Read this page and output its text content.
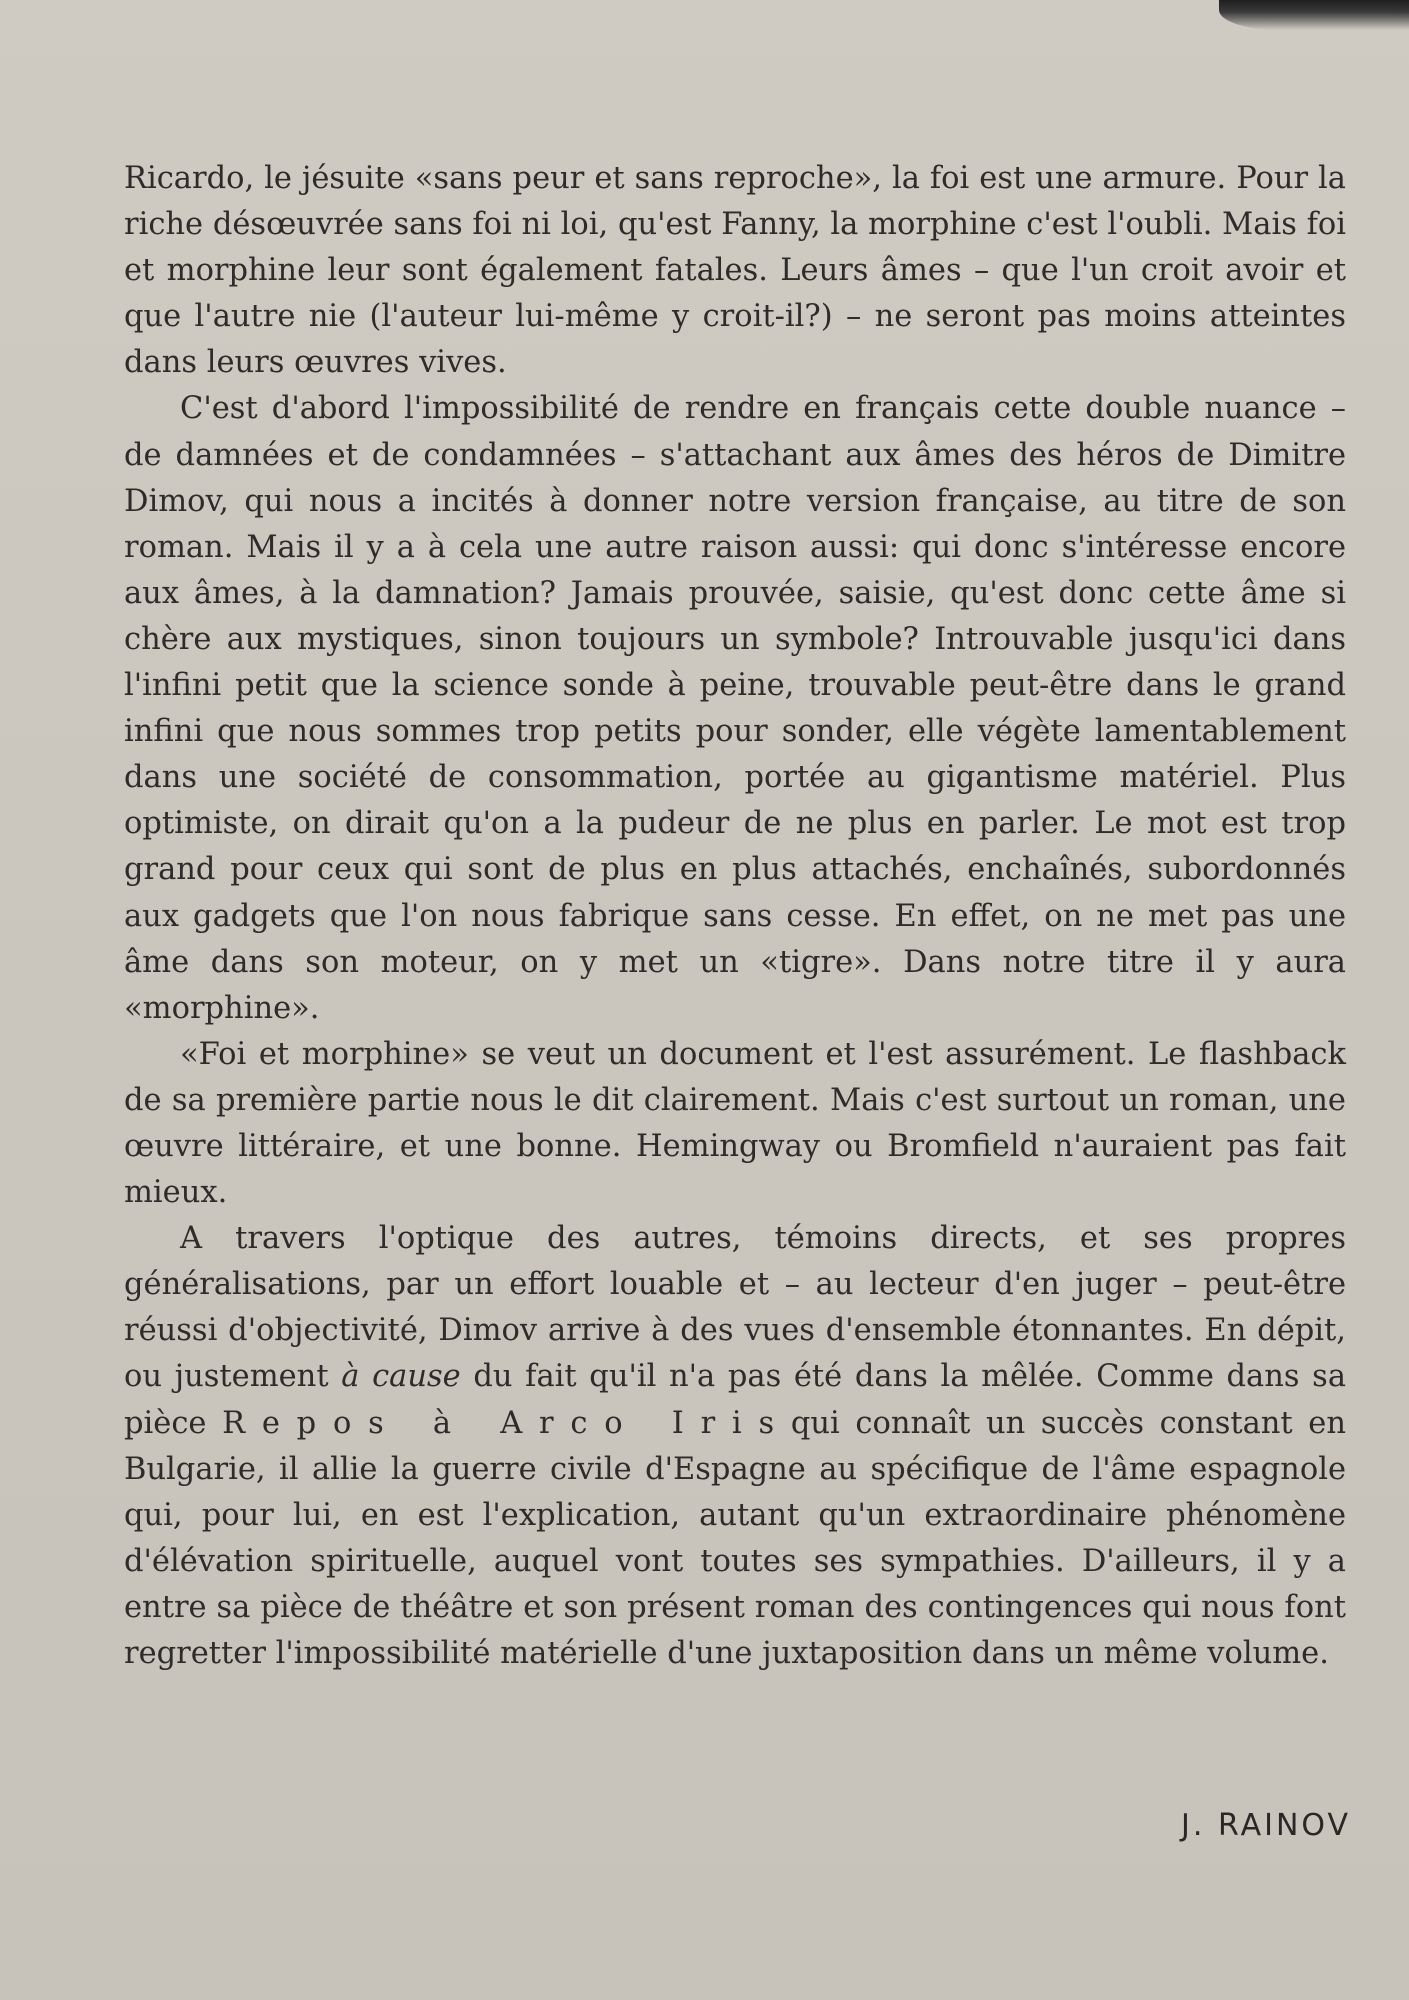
Ricardo, le jésuite «sans peur et sans reproche», la foi est une armure. Pour la riche désœuvrée sans foi ni loi, qu'est Fanny, la morphine c'est l'oubli. Mais foi et morphine leur sont également fatales. Leurs âmes – que l'un croit avoir et que l'autre nie (l'auteur lui-même y croit-il?) – ne seront pas moins atteintes dans leurs œuvres vives.

C'est d'abord l'impossibilité de rendre en français cette double nuance – de damnées et de condamnées – s'attachant aux âmes des héros de Dimitre Dimov, qui nous a incités à donner notre version française, au titre de son roman. Mais il y a à cela une autre raison aussi: qui donc s'intéresse encore aux âmes, à la damnation? Jamais prouvée, saisie, qu'est donc cette âme si chère aux mystiques, sinon toujours un symbole? Introuvable jusqu'ici dans l'infini petit que la science sonde à peine, trouvable peut-être dans le grand infini que nous sommes trop petits pour sonder, elle végète lamentablement dans une société de consommation, portée au gigantisme matériel. Plus optimiste, on dirait qu'on a la pudeur de ne plus en parler. Le mot est trop grand pour ceux qui sont de plus en plus attachés, enchaînés, subordonnés aux gadgets que l'on nous fabrique sans cesse. En effet, on ne met pas une âme dans son moteur, on y met un «tigre». Dans notre titre il y aura «morphine».

«Foi et morphine» se veut un document et l'est assurément. Le flashback de sa première partie nous le dit clairement. Mais c'est surtout un roman, une œuvre littéraire, et une bonne. Hemingway ou Bromfield n'auraient pas fait mieux.

A travers l'optique des autres, témoins directs, et ses propres généralisations, par un effort louable et – au lecteur d'en juger – peut-être réussi d'objectivité, Dimov arrive à des vues d'ensemble étonnantes. En dépit, ou justement à cause du fait qu'il n'a pas été dans la mêlée. Comme dans sa pièce Repos à Arco Irisqui connaît un succès constant en Bulgarie, il allie la guerre civile d'Espagne au spécifique de l'âme espagnole qui, pour lui, en est l'explication, autant qu'un extraordinaire phénomène d'élévation spirituelle, auquel vont toutes ses sympathies. D'ailleurs, il y a entre sa pièce de théâtre et son présent roman des contingences qui nous font regretter l'impossibilité matérielle d'une juxtaposition dans un même volume.

J. RAINOV
